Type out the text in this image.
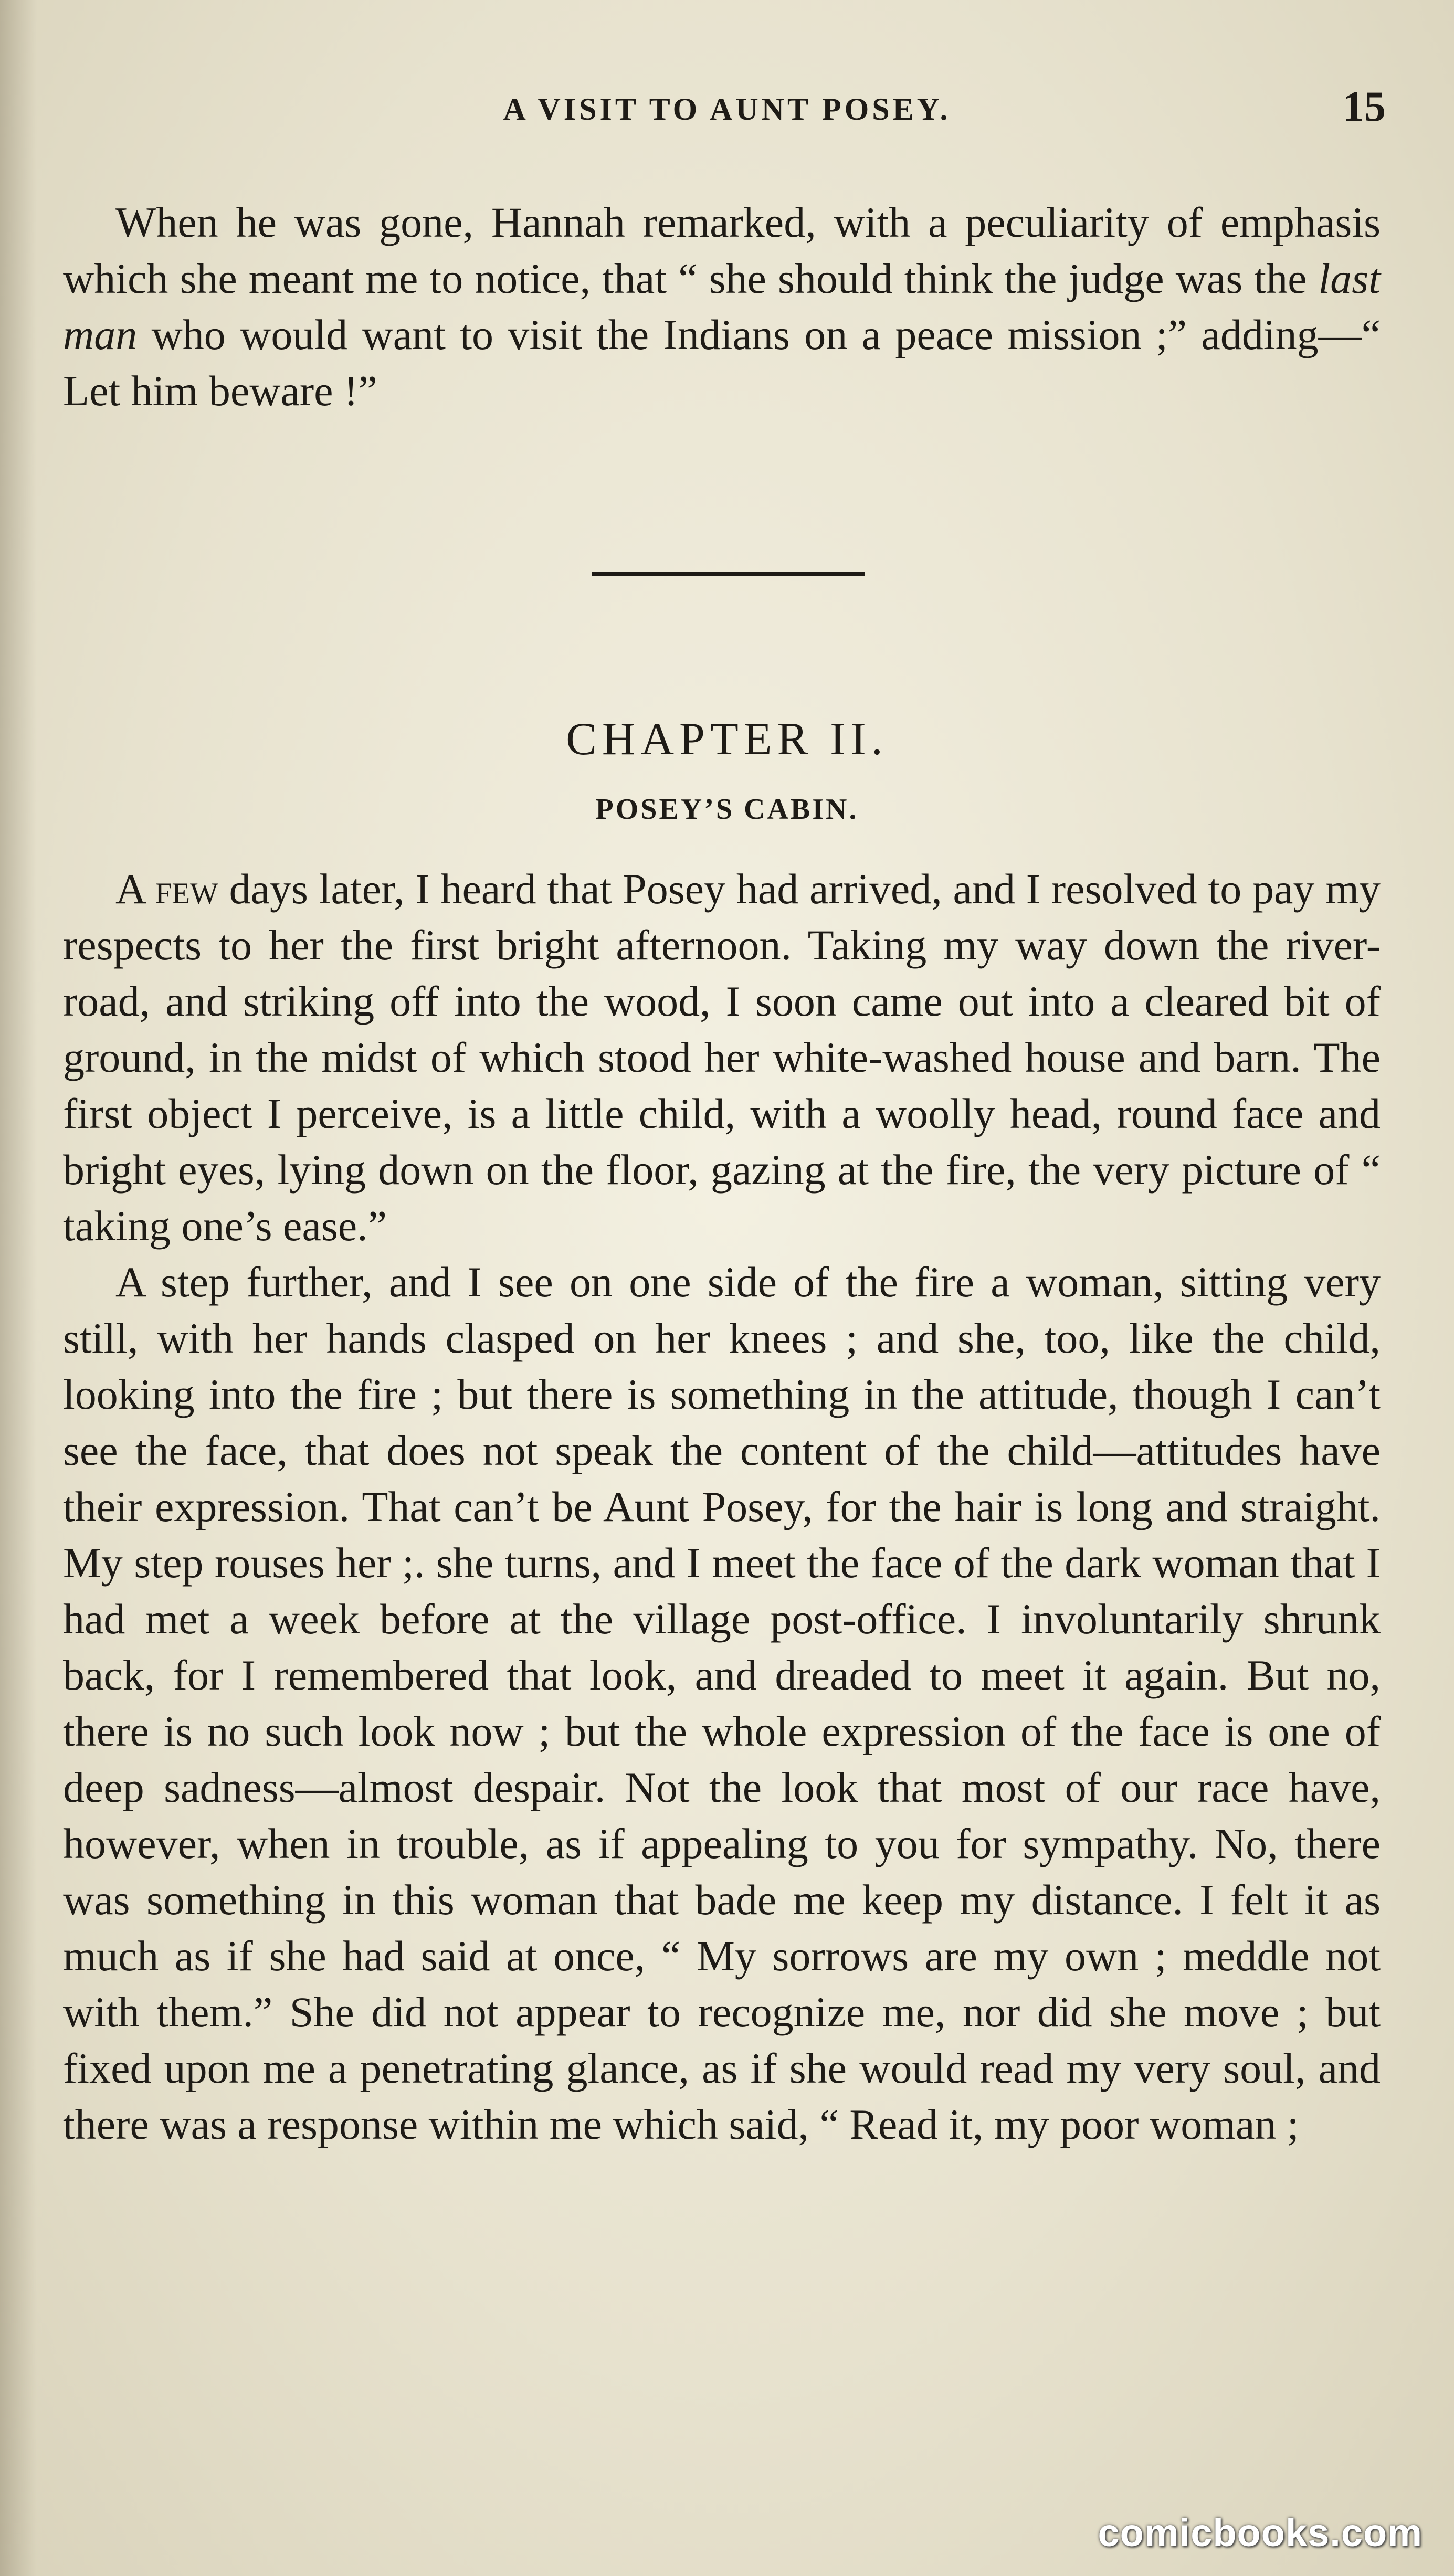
A VISIT TO AUNT POSEY.	15

When he was gone, Hannah remarked, with a peculiarity of emphasis which she meant me to notice, that “ she should think the judge was the last man who would want to visit the Indians on a peace mission ;” adding—“ Let him beware !”

CHAPTER II.
POSEY’S CABIN.

A few days later, I heard that Posey had arrived, and I resolved to pay my respects to her the first bright afternoon. Taking my way down the river-road, and striking off into the wood, I soon came out into a cleared bit of ground, in the midst of which stood her white-washed house and barn. The first object I perceive, is a little child, with a woolly head, round face and bright eyes, lying down on the floor, gazing at the fire, the very picture of “ taking one’s ease.”

A step further, and I see on one side of the fire a woman, sitting very still, with her hands clasped on her knees ; and she, too, like the child, looking into the fire ; but there is something in the attitude, though I can’t see the face, that does not speak the content of the child—attitudes have their expression. That can’t be Aunt Posey, for the hair is long and straight. My step rouses her ;. she turns, and I meet the face of the dark woman that I had met a week before at the village post-office. I involuntarily shrunk back, for I remembered that look, and dreaded to meet it again. But no, there is no such look now ; but the whole expression of the face is one of deep sadness—almost despair. Not the look that most of our race have, however, when in trouble, as if appealing to you for sympathy. No, there was something in this woman that bade me keep my distance. I felt it as much as if she had said at once, “ My sorrows are my own ; meddle not with them.” She did not appear to recognize me, nor did she move ; but fixed upon me a penetrating glance, as if she would read my very soul, and there was a response within me which said, “ Read it, my poor woman ;

comicbooks.com
